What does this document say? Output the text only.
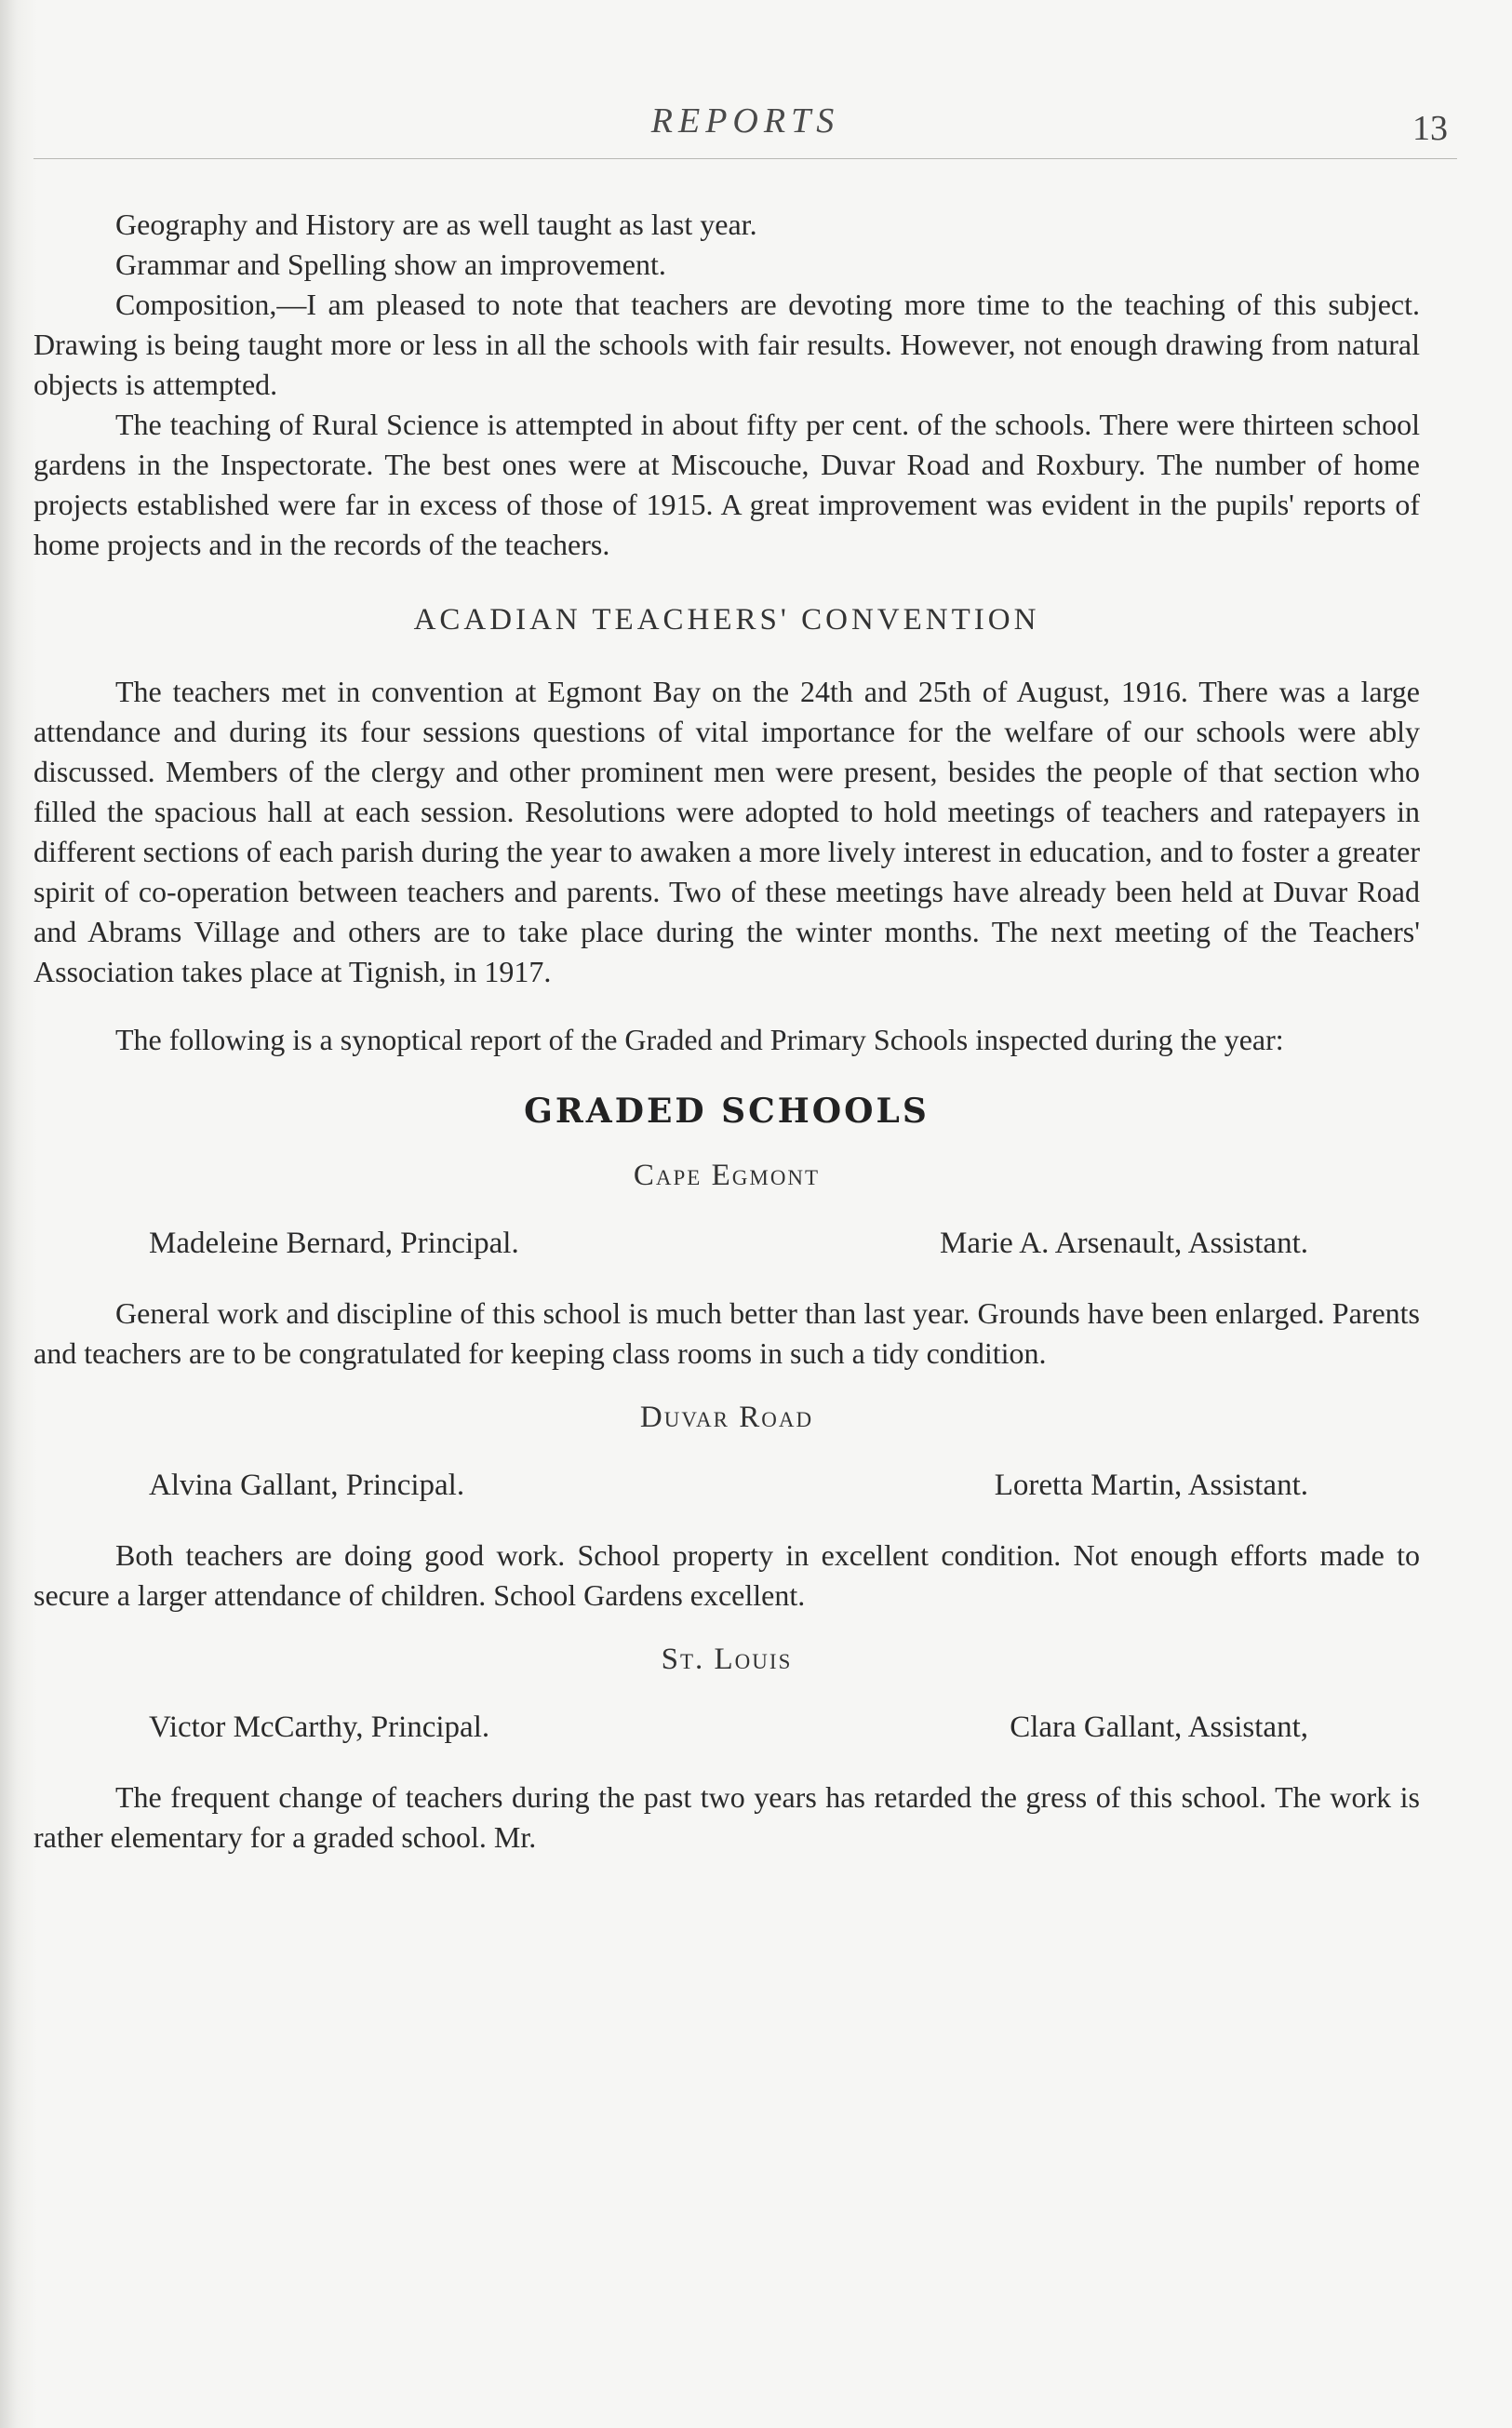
REPORTS	13

Geography and History are as well taught as last year.

Grammar and Spelling show an improvement.

Composition,—I am pleased to note that teachers are devoting more time to the teaching of this subject. Drawing is being taught more or less in all the schools with fair results. However, not enough drawing from natural objects is attempted.

The teaching of Rural Science is attempted in about fifty per cent. of the schools. There were thirteen school gardens in the Inspectorate. The best ones were at Miscouche, Duvar Road and Roxbury. The number of home projects established were far in excess of those of 1915. A great improvement was evident in the pupils' reports of home projects and in the records of the teachers.

ACADIAN TEACHERS' CONVENTION

The teachers met in convention at Egmont Bay on the 24th and 25th of August, 1916. There was a large attendance and during its four sessions questions of vital importance for the welfare of our schools were ably discussed. Members of the clergy and other prominent men were present, besides the people of that section who filled the spacious hall at each session. Resolutions were adopted to hold meetings of teachers and ratepayers in different sections of each parish during the year to awaken a more lively interest in education, and to foster a greater spirit of co-operation between teachers and parents. Two of these meetings have already been held at Duvar Road and Abrams Village and others are to take place during the winter months. The next meeting of the Teachers' Association takes place at Tignish, in 1917.

The following is a synoptical report of the Graded and Primary Schools inspected during the year:

GRADED SCHOOLS
Cape Egmont
Madeleine Bernard, Principal.	Marie A. Arsenault, Assistant.

General work and discipline of this school is much better than last year. Grounds have been enlarged. Parents and teachers are to be congratulated for keeping class rooms in such a tidy condition.

Duvar Road
Alvina Gallant, Principal.	Loretta Martin, Assistant.

Both teachers are doing good work. School property in excellent condition. Not enough efforts made to secure a larger attendance of children. School Gardens excellent.

St. Louis
Victor McCarthy, Principal.	Clara Gallant, Assistant,

The frequent change of teachers during the past two years has retarded the gress of this school. The work is rather elementary for a graded school. Mr.
